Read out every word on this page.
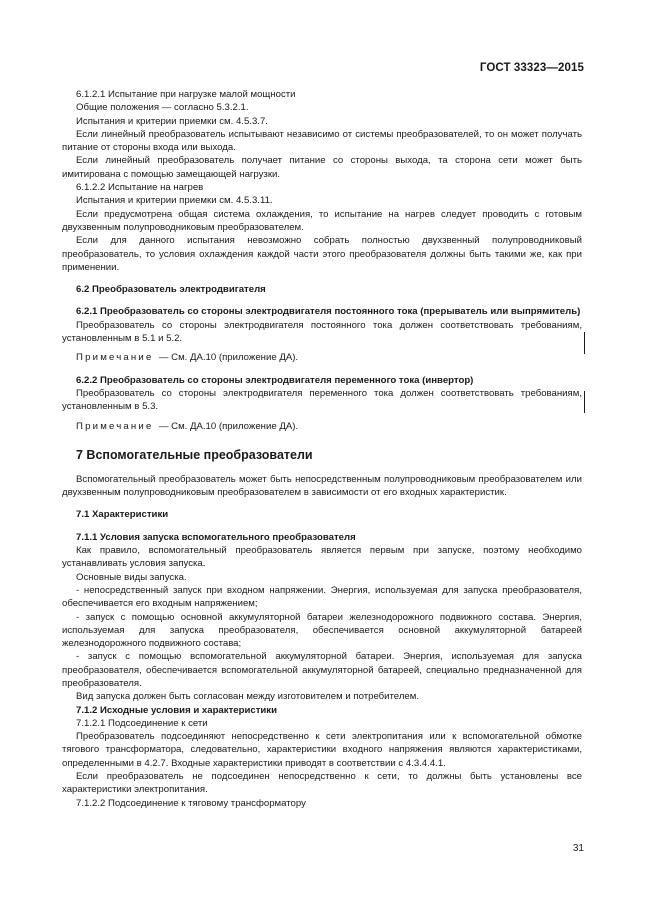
ГОСТ 33323—2015

6.1.2.1 Испытание при нагрузке малой мощности

Общие положения — согласно 5.3.2.1.

Испытания и критерии приемки см. 4.5.3.7.

Если линейный преобразователь испытывают независимо от системы преобразователей, то он может получать питание от стороны входа или выхода.

Если линейный преобразователь получает питание со стороны выхода, та сторона сети может быть имитирована с помощью замещающей нагрузки.

6.1.2.2 Испытание на нагрев

Испытания и критерии приемки см. 4.5.3.11.

Если предусмотрена общая система охлаждения, то испытание на нагрев следует проводить с готовым двухзвенным полупроводниковым преобразователем.

Если для данного испытания невозможно собрать полностью двухзвенный полупроводниковый преобразователь, то условия охлаждения каждой части этого преобразователя должны быть такими же, как при применении.

6.2 Преобразователь электродвигателя

6.2.1 Преобразователь со стороны электродвигателя постоянного тока (прерыватель или выпрямитель)

Преобразователь со стороны электродвигателя постоянного тока должен соответствовать требованиям, установленным в 5.1 и 5.2.

Примечание — См. ДА.10 (приложение ДА).

6.2.2 Преобразователь со стороны электродвигателя переменного тока (инвертор)

Преобразователь со стороны электродвигателя переменного тока должен соответствовать требованиям, установленным в 5.3.

Примечание — См. ДА.10 (приложение ДА).

7 Вспомогательные преобразователи

Вспомогательный преобразователь может быть непосредственным полупроводниковым преобразователем или двухзвенным полупроводниковым преобразователем в зависимости от его входных характеристик.

7.1 Характеристики

7.1.1 Условия запуска вспомогательного преобразователя

Как правило, вспомогательный преобразователь является первым при запуске, поэтому необходимо устанавливать условия запуска.

Основные виды запуска.

- непосредственный запуск при входном напряжении. Энергия, используемая для запуска преобразователя, обеспечивается его входным напряжением;

- запуск с помощью основной аккумуляторной батареи железнодорожного подвижного состава. Энергия, используемая для запуска преобразователя, обеспечивается основной аккумуляторной батареей железнодорожного подвижного состава;

- запуск с помощью вспомогательной аккумуляторной батареи. Энергия, используемая для запуска преобразователя, обеспечивается вспомогательной аккумуляторной батареей, специально предназначенной для преобразователя.

Вид запуска должен быть согласован между изготовителем и потребителем.

7.1.2 Исходные условия и характеристики

7.1.2.1 Подсоединение к сети

Преобразователь подсоединяют непосредственно к сети электропитания или к вспомогательной обмотке тягового трансформатора, следовательно, характеристики входного напряжения являются характеристиками, определенными в 4.2.7. Входные характеристики приводят в соответствии с 4.3.4.4.1.

Если преобразователь не подсоединен непосредственно к сети, то должны быть установлены все характеристики электропитания.

7.1.2.2 Подсоединение к тяговому трансформатору

31
